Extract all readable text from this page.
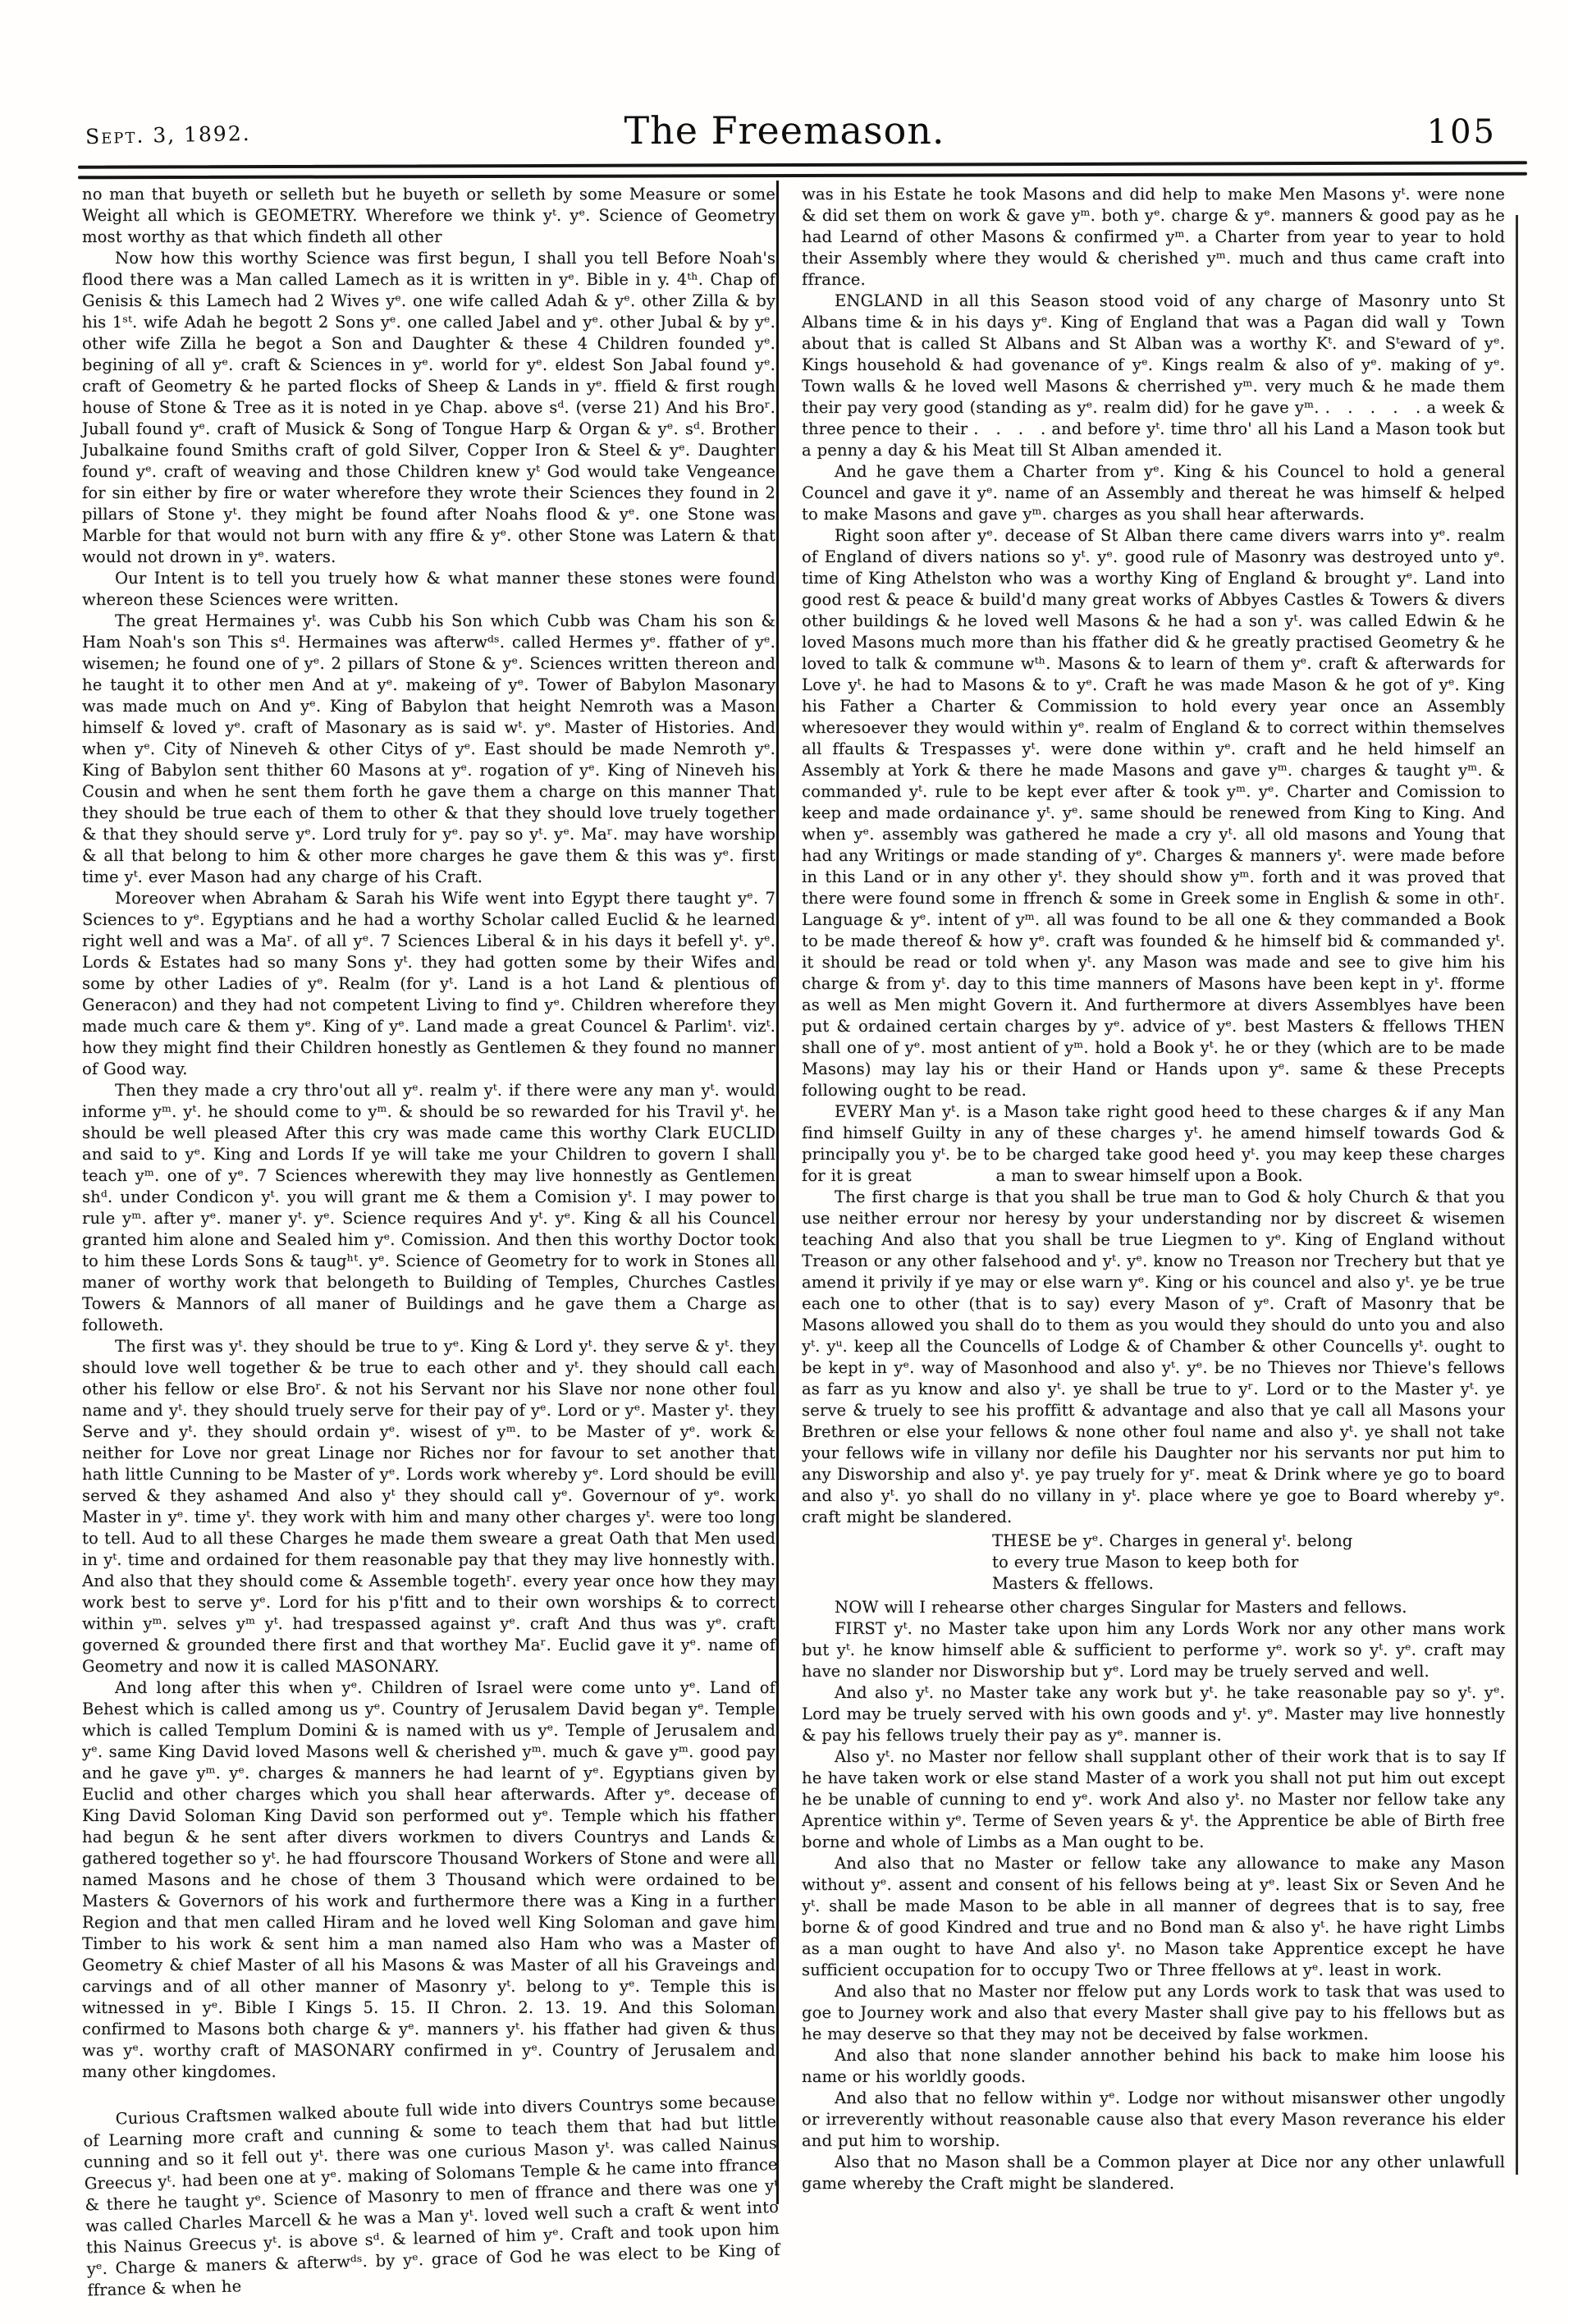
Sept. 3, 1892.	The Freemason.	105

no man that buyeth or selleth but he buyeth or selleth by some Measure or some Weight all which is GEOMETRY. Wherefore we think yᵗ. yᵉ. Science of Geometry most worthy as that which findeth all other

Now how this worthy Science was first begun, I shall you tell Before Noah's flood there was a Man called Lamech as it is written in yᵉ. Bible in y. 4ᵗʰ. Chap of Genisis & this Lamech had 2 Wives yᵉ. one wife called Adah & yᵉ. other Zilla & by his 1ˢᵗ. wife Adah he begott 2 Sons yᵉ. one called Jabel and yᵉ. other Jubal & by yᵉ. other wife Zilla he begot a Son and Daughter & these 4 Children founded yᵉ. begining of all yᵉ. craft & Sciences in yᵉ. world for yᵉ. eldest Son Jabal found yᵉ. craft of Geometry & he parted flocks of Sheep & Lands in yᵉ. ffield & first rough house of Stone & Tree as it is noted in ye Chap. above sᵈ. (verse 21) And his Broʳ. Juball found yᵉ. craft of Musick & Song of Tongue Harp & Organ & yᵉ. sᵈ. Brother Jubalkaine found Smiths craft of gold Silver, Copper Iron & Steel & yᵉ. Daughter found yᵉ. craft of weaving and those Children knew yᵗ God would take Vengeance for sin either by fire or water wherefore they wrote their Sciences they found in 2 pillars of Stone yᵗ. they might be found after Noahs flood & yᵉ. one Stone was Marble for that would not burn with any ffire & yᵉ. other Stone was Latern & that would not drown in yᵉ. waters.

Our Intent is to tell you truely how & what manner these stones were found whereon these Sciences were written.

The great Hermaines yᵗ. was Cubb his Son which Cubb was Cham his son & Ham Noah's son This sᵈ. Hermaines was afterwᵈˢ. called Hermes yᵉ. ffather of yᵉ. wisemen; he found one of yᵉ. 2 pillars of Stone & yᵉ. Sciences written thereon and he taught it to other men And at yᵉ. makeing of yᵉ. Tower of Babylon Masonary was made much on And yᵉ. King of Babylon that height Nemroth was a Mason himself & loved yᵉ. craft of Masonary as is said wᵗ. yᵉ. Master of Histories. And when yᵉ. City of Nineveh & other Citys of yᵉ. East should be made Nemroth yᵉ. King of Babylon sent thither 60 Masons at yᵉ. rogation of yᵉ. King of Nineveh his Cousin and when he sent them forth he gave them a charge on this manner That they should be true each of them to other & that they should love truely together & that they should serve yᵉ. Lord truly for yᵉ. pay so yᵗ. yᵉ. Maʳ. may have worship & all that belong to him & other more charges he gave them & this was yᵉ. first time yᵗ. ever Mason had any charge of his Craft.

Moreover when Abraham & Sarah his Wife went into Egypt there taught yᵉ. 7 Sciences to yᵉ. Egyptians and he had a worthy Scholar called Euclid & he learned right well and was a Maʳ. of all yᵉ. 7 Sciences Liberal & in his days it befell yᵗ. yᵉ. Lords & Estates had so many Sons yᵗ. they had gotten some by their Wifes and some by other Ladies of yᵉ. Realm (for yᵗ. Land is a hot Land & plentious of Generacon) and they had not competent Living to find yᵉ. Children wherefore they made much care & them yᵉ. King of yᵉ. Land made a great Councel & Parlimᵗ. vizᵗ. how they might find their Children honestly as Gentlemen & they found no manner of Good way.

Then they made a cry thro'out all yᵉ. realm yᵗ. if there were any man yᵗ. would informe yᵐ. yᵗ. he should come to yᵐ. & should be so rewarded for his Travil yᵗ. he should be well pleased After this cry was made came this worthy Clark EUCLID and said to yᵉ. King and Lords If ye will take me your Children to govern I shall teach yᵐ. one of yᵉ. 7 Sciences wherewith they may live honnestly as Gentlemen shᵈ. under Condicon yᵗ. you will grant me & them a Comision yᵗ. I may power to rule yᵐ. after yᵉ. maner yᵗ. yᵉ. Science requires And yᵗ. yᵉ. King & all his Councel granted him alone and Sealed him yᵉ. Comission. And then this worthy Doctor took to him these Lords Sons & taugʰᵗ. yᵉ. Science of Geometry for to work in Stones all maner of worthy work that belongeth to Building of Temples, Churches Castles Towers & Mannors of all maner of Buildings and he gave them a Charge as followeth.

The first was yᵗ. they should be true to yᵉ. King & Lord yᵗ. they serve & yᵗ. they should love well together & be true to each other and yᵗ. they should call each other his fellow or else Broʳ. & not his Servant nor his Slave nor none other foul name and yᵗ. they should truely serve for their pay of yᵉ. Lord or yᵉ. Master yᵗ. they Serve and yᵗ. they should ordain yᵉ. wisest of yᵐ. to be Master of yᵉ. work & neither for Love nor great Linage nor Riches nor for favour to set another that hath little Cunning to be Master of yᵉ. Lords work whereby yᵉ. Lord should be evill served & they ashamed And also yᵗ they should call yᵉ. Governour of yᵉ. work Master in yᵉ. time yᵗ. they work with him and many other charges yᵗ. were too long to tell. Aud to all these Charges he made them sweare a great Oath that Men used in yᵗ. time and ordained for them reasonable pay that they may live honnestly with. And also that they should come & Assemble togethʳ. every year once how they may work best to serve yᵉ. Lord for his p'fitt and to their own worships & to correct within yᵐ. selves yᵐ yᵗ. had trespassed against yᵉ. craft And thus was yᵉ. craft governed & grounded there first and that worthey Maʳ. Euclid gave it yᵉ. name of Geometry and now it is called MASONARY.

And long after this when yᵉ. Children of Israel were come unto yᵉ. Land of Behest which is called among us yᵉ. Country of Jerusalem David began yᵉ. Temple which is called Templum Domini & is named with us yᵉ. Temple of Jerusalem and yᵉ. same King David loved Masons well & cherished yᵐ. much & gave yᵐ. good pay and he gave yᵐ. yᵉ. charges & manners he had learnt of yᵉ. Egyptians given by Euclid and other charges which you shall hear afterwards. After yᵉ. decease of King David Soloman King David son performed out yᵉ. Temple which his ffather had begun & he sent after divers workmen to divers Countrys and Lands & gathered together so yᵗ. he had ffourscore Thousand Workers of Stone and were all named Masons and he chose of them 3 Thousand which were ordained to be Masters & Governors of his work and furthermore there was a King in a further Region and that men called Hiram and he loved well King Soloman and gave him Timber to his work & sent him a man named also Ham who was a Master of Geometry & chief Master of all his Masons & was Master of all his Graveings and carvings and of all other manner of Masonry yᵗ. belong to yᵉ. Temple this is witnessed in yᵉ. Bible I Kings 5. 15. II Chron. 2. 13. 19. And this Soloman confirmed to Masons both charge & yᵉ. manners yᵗ. his ffather had given & thus was yᵉ. worthy craft of MASONARY confirmed in yᵉ. Country of Jerusalem and many other kingdomes.

Curious Craftsmen walked aboute full wide into divers Countrys some because of Learning more craft and cunning & some to teach them that had but little cunning and so it fell out yᵗ. there was one curious Mason yᵗ. was called Nainus Greecus yᵗ. had been one at yᵉ. making of Solomans Temple & he came into ffrance & there he taught yᵉ. Science of Masonry to men of ffrance and there was one yᵗ was called Charles Marcell & he was a Man yᵗ. loved well such a craft & went into this Nainus Greecus yᵗ. is above sᵈ. & learned of him yᵉ. Craft and took upon him yᵉ. Charge & maners & afterwᵈˢ. by yᵉ. grace of God he was elect to be King of ffrance & when he

was in his Estate he took Masons and did help to make Men Masons yᵗ. were none & did set them on work & gave yᵐ. both yᵉ. charge & yᵉ. manners & good pay as he had Learnd of other Masons & confirmed yᵐ. a Charter from year to year to hold their Assembly where they would & cherished yᵐ. much and thus came craft into ffrance.

ENGLAND in all this Season stood void of any charge of Masonry unto St Albans time & in his days yᵉ. King of England that was a Pagan did wall y  Town about that is called St Albans and St Alban was a worthy Kᵗ. and Sᵗeward of yᵉ. Kings household & had govenance of yᵉ. Kings realm & also of yᵉ. making of yᵉ. Town walls & he loved well Masons & cherrished yᵐ. very much & he made them their pay very good (standing as yᵉ. realm did) for he gave yᵐ. .   .   .   .   . a week & three pence to their .   .   .   . and before yᵗ. time thro' all his Land a Mason took but a penny a day & his Meat till St Alban amended it.

And he gave them a Charter from yᵉ. King & his Councel to hold a general Councel and gave it yᵉ. name of an Assembly and thereat he was himself & helped to make Masons and gave yᵐ. charges as you shall hear afterwards.

Right soon after yᵉ. decease of St Alban there came divers warrs into yᵉ. realm of England of divers nations so yᵗ. yᵉ. good rule of Masonry was destroyed unto yᵉ. time of King Athelston who was a worthy King of England & brought yᵉ. Land into good rest & peace & build'd many great works of Abbyes Castles & Towers & divers other buildings & he loved well Masons & he had a son yᵗ. was called Edwin & he loved Masons much more than his ffather did & he greatly practised Geometry & he loved to talk & commune wᵗʰ. Masons & to learn of them yᵉ. craft & afterwards for Love yᵗ. he had to Masons & to yᵉ. Craft he was made Mason & he got of yᵉ. King his Father a Charter & Commission to hold every year once an Assembly wheresoever they would within yᵉ. realm of England & to correct within themselves all ffaults & Trespasses yᵗ. were done within yᵉ. craft and he held himself an Assembly at York & there he made Masons and gave yᵐ. charges & taught yᵐ. & commanded yᵗ. rule to be kept ever after & took yᵐ. yᵉ. Charter and Comission to keep and made ordainance yᵗ. yᵉ. same should be renewed from King to King. And when yᵉ. assembly was gathered he made a cry yᵗ. all old masons and Young that had any Writings or made standing of yᵉ. Charges & manners yᵗ. were made before in this Land or in any other yᵗ. they should show yᵐ. forth and it was proved that there were found some in ffrench & some in Greek some in English & some in othʳ. Language & yᵉ. intent of yᵐ. all was found to be all one & they commanded a Book to be made thereof & how yᵉ. craft was founded & he himself bid & commanded yᵗ. it should be read or told when yᵗ. any Mason was made and see to give him his charge & from yᵗ. day to this time manners of Masons have been kept in yᵗ. fforme as well as Men might Govern it. And furthermore at divers Assemblyes have been put & ordained certain charges by yᵉ. advice of yᵉ. best Masters & ffellows THEN shall one of yᵉ. most antient of yᵐ. hold a Book yᵗ. he or they (which are to be made Masons) may lay his or their Hand or Hands upon yᵉ. same & these Precepts following ought to be read.

EVERY Man yᵗ. is a Mason take right good heed to these charges & if any Man find himself Guilty in any of these charges yᵗ. he amend himself towards God & principally you yᵗ. be to be charged take good heed yᵗ. you may keep these charges for it is great               a man to swear himself upon a Book.

The first charge is that you shall be true man to God & holy Church & that you use neither errour nor heresy by your understanding nor by discreet & wisemen teaching And also that you shall be true Liegmen to yᵉ. King of England without Treason or any other falsehood and yᵗ. yᵉ. know no Treason nor Trechery but that ye amend it privily if ye may or else warn yᵉ. King or his councel and also yᵗ. ye be true each one to other (that is to say) every Mason of yᵉ. Craft of Masonry that be Masons allowed you shall do to them as you would they should do unto you and also yᵗ. yᵘ. keep all the Councells of Lodge & of Chamber & other Councells yᵗ. ought to be kept in yᵉ. way of Masonhood and also yᵗ. yᵉ. be no Thieves nor Thieve's fellows as farr as yu know and also yᵗ. ye shall be true to yʳ. Lord or to the Master yᵗ. ye serve & truely to see his proffitt & advantage and also that ye call all Masons your Brethren or else your fellows & none other foul name and also yᵗ. ye shall not take your fellows wife in villany nor defile his Daughter nor his servants nor put him to any Disworship and also yᵗ. ye pay truely for yʳ. meat & Drink where ye go to board and also yᵗ. yo shall do no villany in yᵗ. place where ye goe to Board whereby yᵉ. craft might be slandered.

THESE be yᵉ. Charges in general yᵗ. belong
to every true Mason to keep both for
Masters & ffellows.

NOW will I rehearse other charges Singular for Masters and fellows.

FIRST yᵗ. no Master take upon him any Lords Work nor any other mans work but yᵗ. he know himself able & sufficient to performe yᵉ. work so yᵗ. yᵉ. craft may have no slander nor Disworship but yᵉ. Lord may be truely served and well.

And also yᵗ. no Master take any work but yᵗ. he take reasonable pay so yᵗ. yᵉ. Lord may be truely served with his own goods and yᵗ. yᵉ. Master may live honnestly & pay his fellows truely their pay as yᵉ. manner is.

Also yᵗ. no Master nor fellow shall supplant other of their work that is to say If he have taken work or else stand Master of a work you shall not put him out except he be unable of cunning to end yᵉ. work And also yᵗ. no Master nor fellow take any Aprentice within yᵉ. Terme of Seven years & yᵗ. the Apprentice be able of Birth free borne and whole of Limbs as a Man ought to be.

And also that no Master or fellow take any allowance to make any Mason without yᵉ. assent and consent of his fellows being at yᵉ. least Six or Seven And he yᵗ. shall be made Mason to be able in all manner of degrees that is to say, free borne & of good Kindred and true and no Bond man & also yᵗ. he have right Limbs as a man ought to have And also yᵗ. no Mason take Apprentice except he have sufficient occupation for to occupy Two or Three ffellows at yᵉ. least in work.

And also that no Master nor ffelow put any Lords work to task that was used to goe to Journey work and also that every Master shall give pay to his ffellows but as he may deserve so that they may not be deceived by false workmen.

And also that none slander annother behind his back to make him loose his name or his worldly goods.

And also that no fellow within yᵉ. Lodge nor without misanswer other ungodly or irreverently without reasonable cause also that every Mason reverance his elder and put him to worship.

Also that no Mason shall be a Common player at Dice nor any other unlawfull game whereby the Craft might be slandered.
